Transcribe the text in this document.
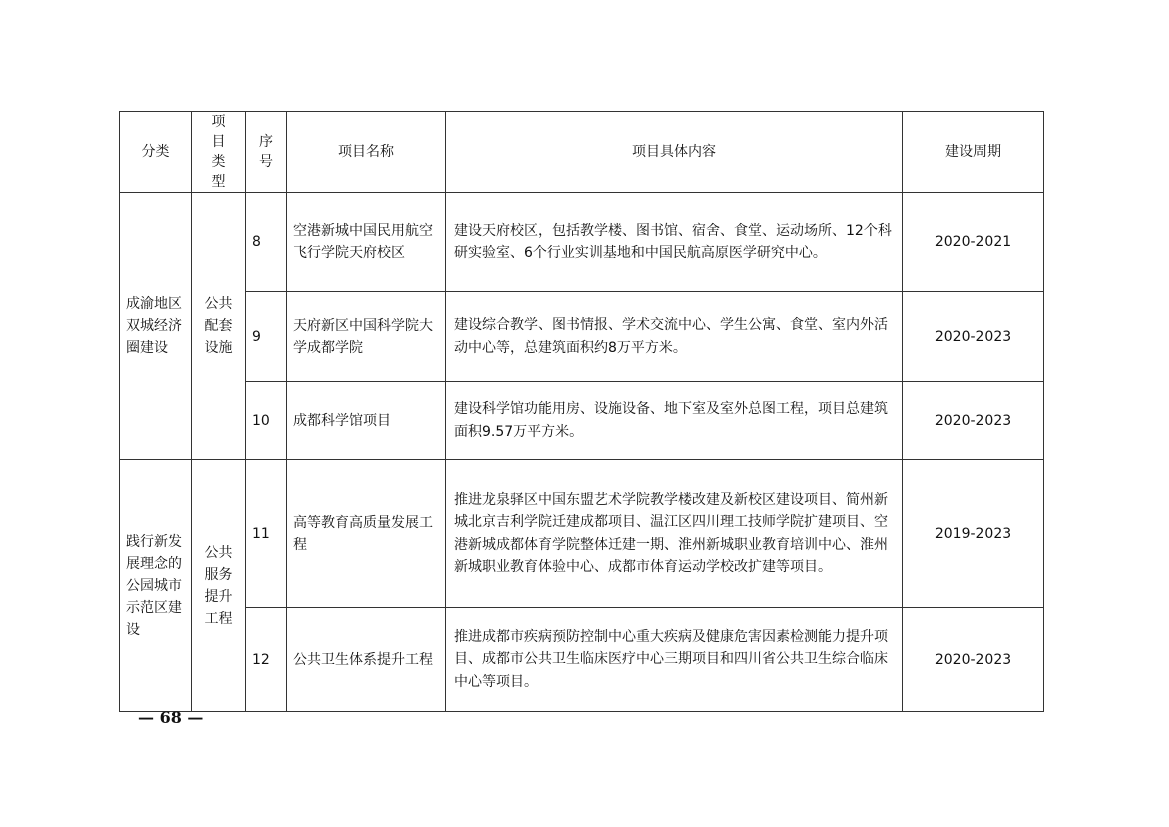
分类	项目类型	序号	项目名称	项目具体内容	建设周期
成渝地区双城经济圈建设	公共配套设施	8	空港新城中国民用航空飞行学院天府校区	建设天府校区，包括教学楼、图书馆、宿舍、食堂、运动场所、12个科研实验室、6个行业实训基地和中国民航高原医学研究中心。	2020-2021
		9	天府新区中国科学院大学成都学院	建设综合教学、图书情报、学术交流中心、学生公寓、食堂、室内外活动中心等，总建筑面积约8万平方米。	2020-2023
		10	成都科学馆项目	建设科学馆功能用房、设施设备、地下室及室外总图工程，项目总建筑面积9.57万平方米。	2020-2023
践行新发展理念的公园城市示范区建设	公共服务提升工程	11	高等教育高质量发展工程	推进龙泉驿区中国东盟艺术学院教学楼改建及新校区建设项目、简州新城北京吉利学院迁建成都项目、温江区四川理工技师学院扩建项目、空港新城成都体育学院整体迁建一期、淮州新城职业教育培训中心、淮州新城职业教育体验中心、成都市体育运动学校改扩建等项目。	2019-2023
		12	公共卫生体系提升工程	推进成都市疾病预防控制中心重大疾病及健康危害因素检测能力提升项目、成都市公共卫生临床医疗中心三期项目和四川省公共卫生综合临床中心等项目。	2020-2023
— 68 —
